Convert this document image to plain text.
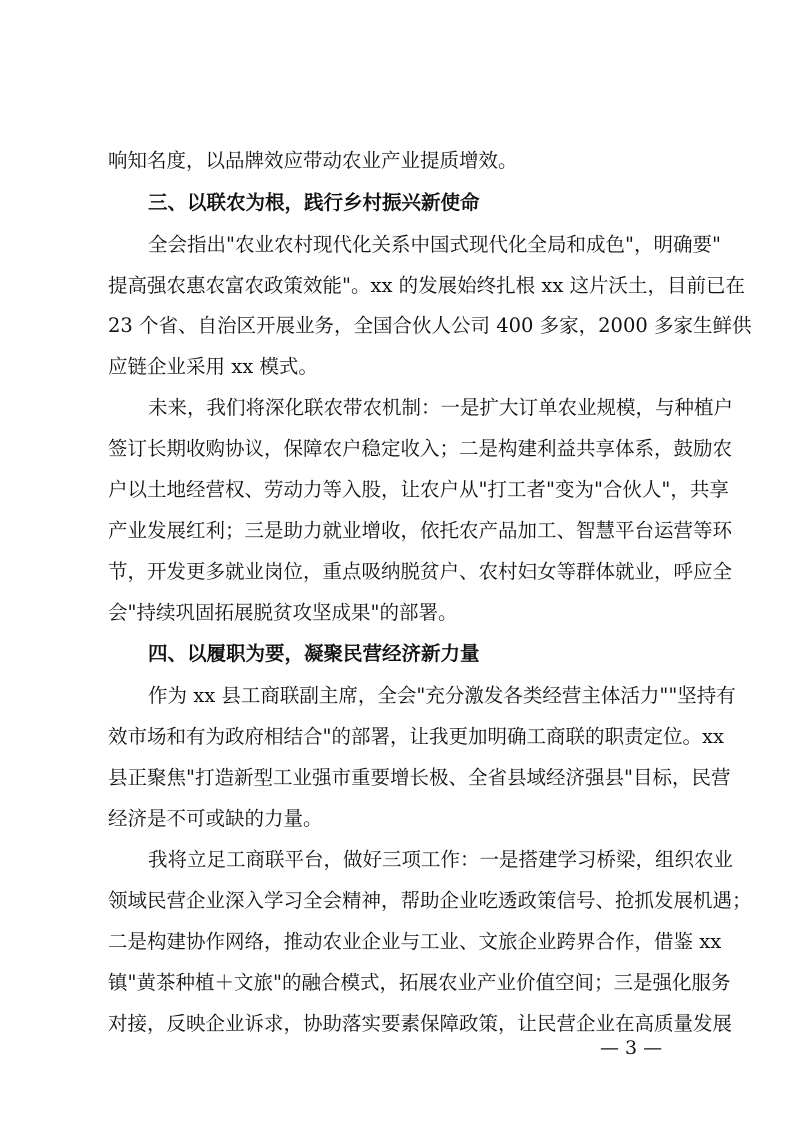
响知名度，以品牌效应带动农业产业提质增效。
三、以联农为根，践行乡村振兴新使命
全会指出"农业农村现代化关系中国式现代化全局和成色"，明确要"
提高强农惠农富农政策效能"。xx 的发展始终扎根 xx 这片沃土，目前已在
23 个省、自治区开展业务，全国合伙人公司 400 多家，2000 多家生鲜供
应链企业采用 xx 模式。
未来，我们将深化联农带农机制：一是扩大订单农业规模，与种植户
签订长期收购协议，保障农户稳定收入；二是构建利益共享体系，鼓励农
户以土地经营权、劳动力等入股，让农户从"打工者"变为"合伙人"，共享
产业发展红利；三是助力就业增收，依托农产品加工、智慧平台运营等环
节，开发更多就业岗位，重点吸纳脱贫户、农村妇女等群体就业，呼应全
会"持续巩固拓展脱贫攻坚成果"的部署。
四、以履职为要，凝聚民营经济新力量
作为 xx 县工商联副主席，全会"充分激发各类经营主体活力""坚持有
效市场和有为政府相结合"的部署，让我更加明确工商联的职责定位。xx
县正聚焦"打造新型工业强市重要增长极、全省县域经济强县"目标，民营
经济是不可或缺的力量。
我将立足工商联平台，做好三项工作：一是搭建学习桥梁，组织农业
领域民营企业深入学习全会精神，帮助企业吃透政策信号、抢抓发展机遇；
二是构建协作网络，推动农业企业与工业、文旅企业跨界合作，借鉴 xx
镇"黄茶种植＋文旅"的融合模式，拓展农业产业价值空间；三是强化服务
对接，反映企业诉求，协助落实要素保障政策，让民营企业在高质量发展
— 3 —
